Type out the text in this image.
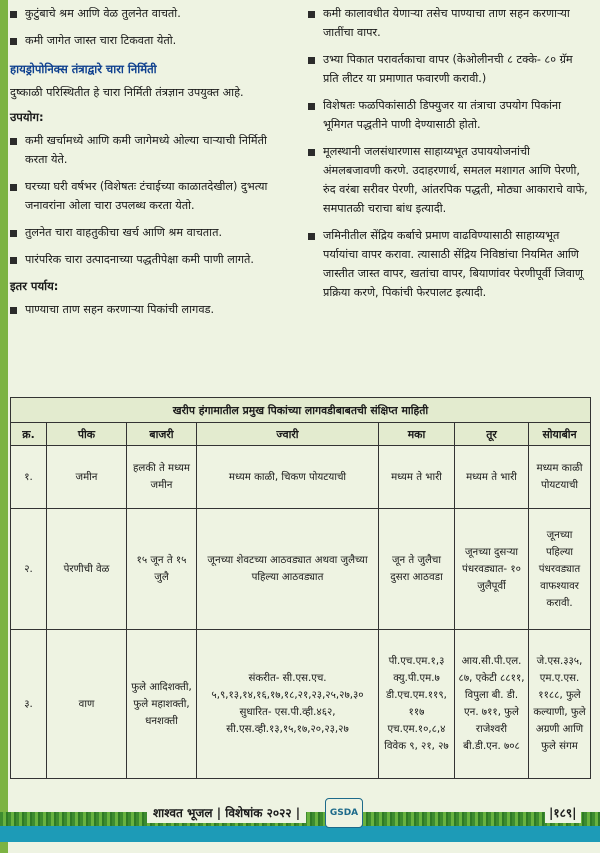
कुटुंबाचे श्रम आणि वेळ तुलनेत वाचतो.
कमी जागेत जास्त चारा टिकवता येतो.
हायड्रोपोनिक्स तंत्राद्वारे चारा निर्मिती
दुष्काळी परिस्थितीत हे चारा निर्मिती तंत्रज्ञान उपयुक्त आहे.
उपयोग:
कमी खर्चामध्ये आणि कमी जागेमध्ये ओल्या चाऱ्याची निर्मिती करता येते.
घरच्या घरी वर्षभर (विशेषतः टंचाईच्या काळातदेखील) दुभत्या जनावरांना ओला चारा उपलब्ध करता येतो.
तुलनेत चारा वाहतुकीचा खर्च आणि श्रम वाचतात.
पारंपरिक चारा उत्पादनाच्या पद्धतीपेक्षा कमी पाणी लागते.
इतर पर्याय:
पाण्याचा ताण सहन करणाऱ्या पिकांची लागवड.
कमी कालावधीत येणाऱ्या तसेच पाण्याचा ताण सहन करणाऱ्या जातींचा वापर.
उभ्या पिकात परावर्तकाचा वापर (केओलीनची ८ टक्के- ८० ग्रॅम प्रति लीटर या प्रमाणात फवारणी करावी.)
विशेषतः फळपिकांसाठी डिफ्युजर या तंत्राचा उपयोग पिकांना भूमिगत पद्धतीने पाणी देण्यासाठी होतो.
मूलस्थानी जलसंधारणास साहाय्यभूत उपाययोजनांची अंमलबजावणी करणे. उदाहरणार्थ, समतल मशागत आणि पेरणी, रुंद वरंबा सरीवर पेरणी, आंतरपिक पद्धती, मोठ्या आकाराचे वाफे, समपातळी चराचा बांध इत्यादी.
जमिनीतील सेंद्रिय कर्बाचे प्रमाण वाढविण्यासाठी साहाय्यभूत पर्यायांचा वापर करावा. त्यासाठी सेंद्रिय निविष्ठांचा नियमित आणि जास्तीत जास्त वापर, खतांचा वापर, बियाणांवर पेरणीपूर्वी जिवाणू प्रक्रिया करणे, पिकांची फेरपालट इत्यादी.
खरीप हंगामातील प्रमुख पिकांच्या लागवडीबाबतची संक्षिप्त माहिती						
क्र.	पीक	बाजरी	ज्वारी	मका	तूर	सोयाबीन
१.	जमीन	हलकी ते मध्यम जमीन	मध्यम काळी, चिकण पोयटयाची	मध्यम ते भारी	मध्यम ते भारी	मध्यम काळी पोयटयाची
२.	पेरणीची वेळ	१५ जून ते १५ जुलै	जूनच्या शेवटच्या आठवड्यात अथवा जुलैच्या पहिल्या आठवड्यात	जून ते जुलैचा दुसरा आठवडा	जूनच्या दुसऱ्या पंधरवड्यात- १० जुलैपूर्वी	जूनच्या पहिल्या पंधरवड्यात वाफश्यावर करावी.
३.	वाण	फुले आदिशक्ती, फुले महाशक्ती, धनशक्ती	संकरीत- सी.एस.एच. ५,९,१३,१४,१६,१७,१८,२१,२३,२५,२७,३० सुधारित- एस.पी.व्ही.४६२, सी.एस.व्ही.१३,१५,१७,२०,२३,२७	पी.एच.एम.१,३ क्यु.पी.एम.७ डी.एच.एम.११९, ११७ एच.एम.१०,८,४ विवेक ९, २१, २७	आय.सी.पी.एल. ८७, एकेटी ८८११, विपुला बी. डी. एन. ७११, फुले राजेश्वरी बी.डी.एन. ७०८	जे.एस.३३५, एम.ए.एस. ११८८, फुले कल्याणी, फुले अग्रणी आणि फुले संगम
शाश्वत भूजल | विशेषांक २०२२ |	GSDA	|१८९|
